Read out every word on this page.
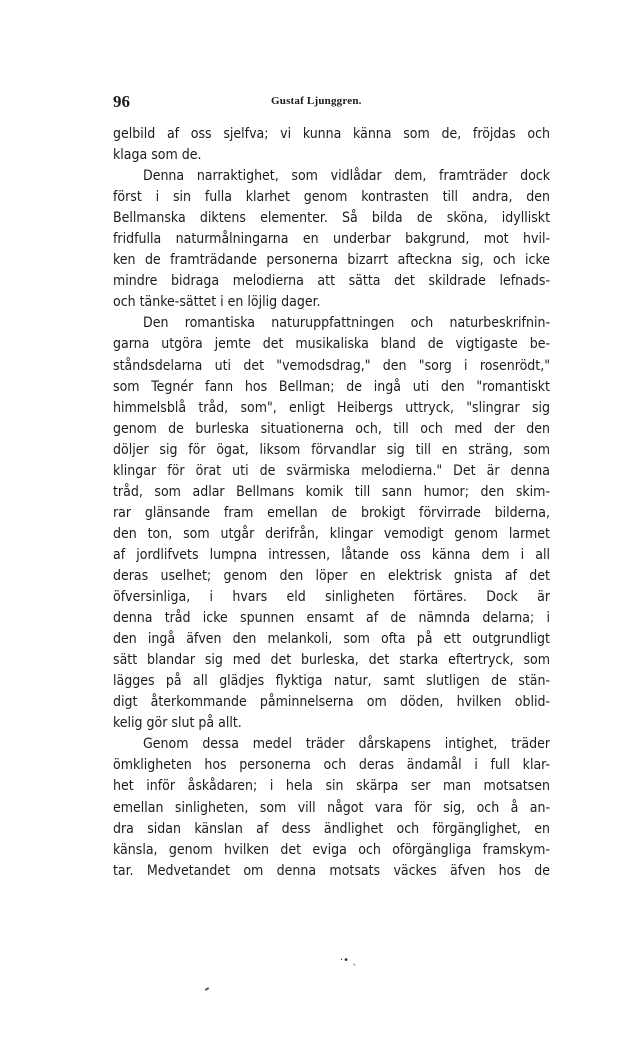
96	Gustaf Ljunggren.
gelbild af oss sjelfva; vi kunna känna som de, fröjdas och
klaga som de.
Denna narraktighet, som vidlådar dem, framträder dock
först i sin fulla klarhet genom kontrasten till andra, den
Bellmanska diktens elementer. Så bilda de sköna, idylliskt
fridfulla naturmålningarna en underbar bakgrund, mot hvil-
ken de framträdande personerna bizarrt afteckna sig, och icke
mindre bidraga melodierna att sätta det skildrade lefnads-
och tänke-sättet i en löjlig dager.
Den romantiska naturuppfattningen och naturbeskrifnin-
garna utgöra jemte det musikaliska bland de vigtigaste be-
ståndsdelarna uti det "vemodsdrag," den "sorg i rosenrödt,"
som Tegnér fann hos Bellman; de ingå uti den "romantiskt
himmelsblå tråd, som", enligt Heibergs uttryck, "slingrar sig
genom de burleska situationerna och, till och med der den
döljer sig för ögat, liksom förvandlar sig till en sträng, som
klingar för örat uti de svärmiska melodierna." Det är denna
tråd, som adlar Bellmans komik till sann humor; den skim-
rar glänsande fram emellan de brokigt förvirrade bilderna,
den ton, som utgår derifrån, klingar vemodigt genom larmet
af jordlifvets lumpna intressen, låtande oss känna dem i all
deras uselhet; genom den löper en elektrisk gnista af det
öfversinliga, i hvars eld sinligheten förtäres. Dock är
denna tråd icke spunnen ensamt af de nämnda delarna; i
den ingå äfven den melankoli, som ofta på ett outgrundligt
sätt blandar sig med det burleska, det starka eftertryck, som
lägges på all glädjes flyktiga natur, samt slutligen de stän-
digt återkommande påminnelserna om döden, hvilken oblid-
kelig gör slut på allt.
Genom dessa medel träder dårskapens intighet, träder
ömkligheten hos personerna och deras ändamål i full klar-
het inför åskådaren; i hela sin skärpa ser man motsatsen
emellan sinligheten, som vill något vara för sig, och å an-
dra sidan känslan af dess ändlighet och förgänglighet, en
känsla, genom hvilken det eviga och oförgängliga framskym-
tar. Medvetandet om denna motsats väckes äfven hos de
·• ˎ
